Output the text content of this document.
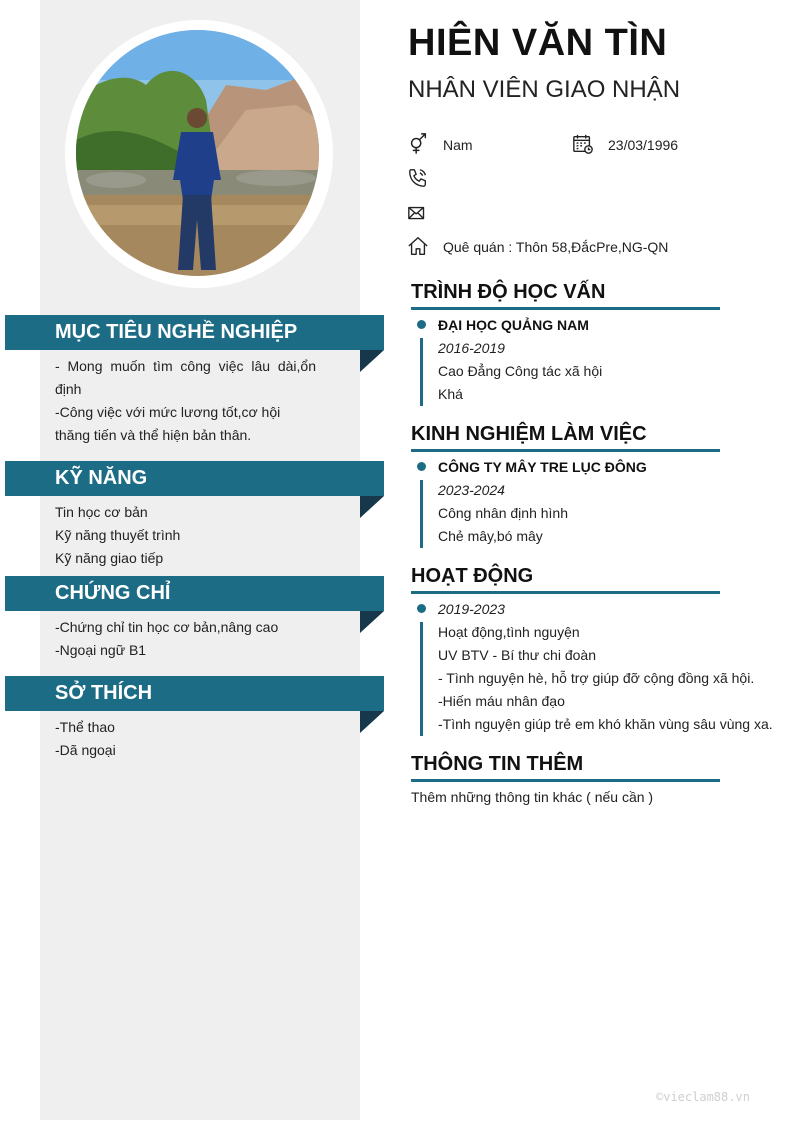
MỤC TIÊU NGHỀ NGHIỆP
- Mong muốn tìm công việc lâu dài,ổn định
-Công việc với mức lương tốt,cơ hội thăng tiến và thể hiện bản thân.
KỸ NĂNG
Tin học cơ bản
Kỹ năng thuyết trình
Kỹ năng giao tiếp
CHỨNG CHỈ
-Chứng chỉ tin học cơ bản,nâng cao
-Ngoại ngữ B1
SỞ THÍCH
-Thể thao
-Dã ngoại
HIÊN VĂN TÌN
NHÂN VIÊN GIAO NHẬN
Nam	23/03/1996
Quê quán : Thôn 58,ĐắcPre,NG-QN
TRÌNH ĐỘ HỌC VẤN
ĐẠI HỌC QUẢNG NAM
2016-2019
Cao Đẳng Công tác xã hội
Khá
KINH NGHIỆM LÀM VIỆC
CÔNG TY MÂY TRE LỤC ĐÔNG
2023-2024
Công nhân định hình
Chẻ mây,bó mây
HOẠT ĐỘNG
2019-2023
Hoạt động,tình nguyện
UV BTV - Bí thư chi đoàn
- Tình nguyện hè, hỗ trợ giúp đỡ cộng đồng xã hội.
-Hiến máu nhân đạo
-Tình nguyện giúp trẻ em khó khăn vùng sâu vùng xa.
THÔNG TIN THÊM
Thêm những thông tin khác ( nếu cần )
©vieclam88.vn
